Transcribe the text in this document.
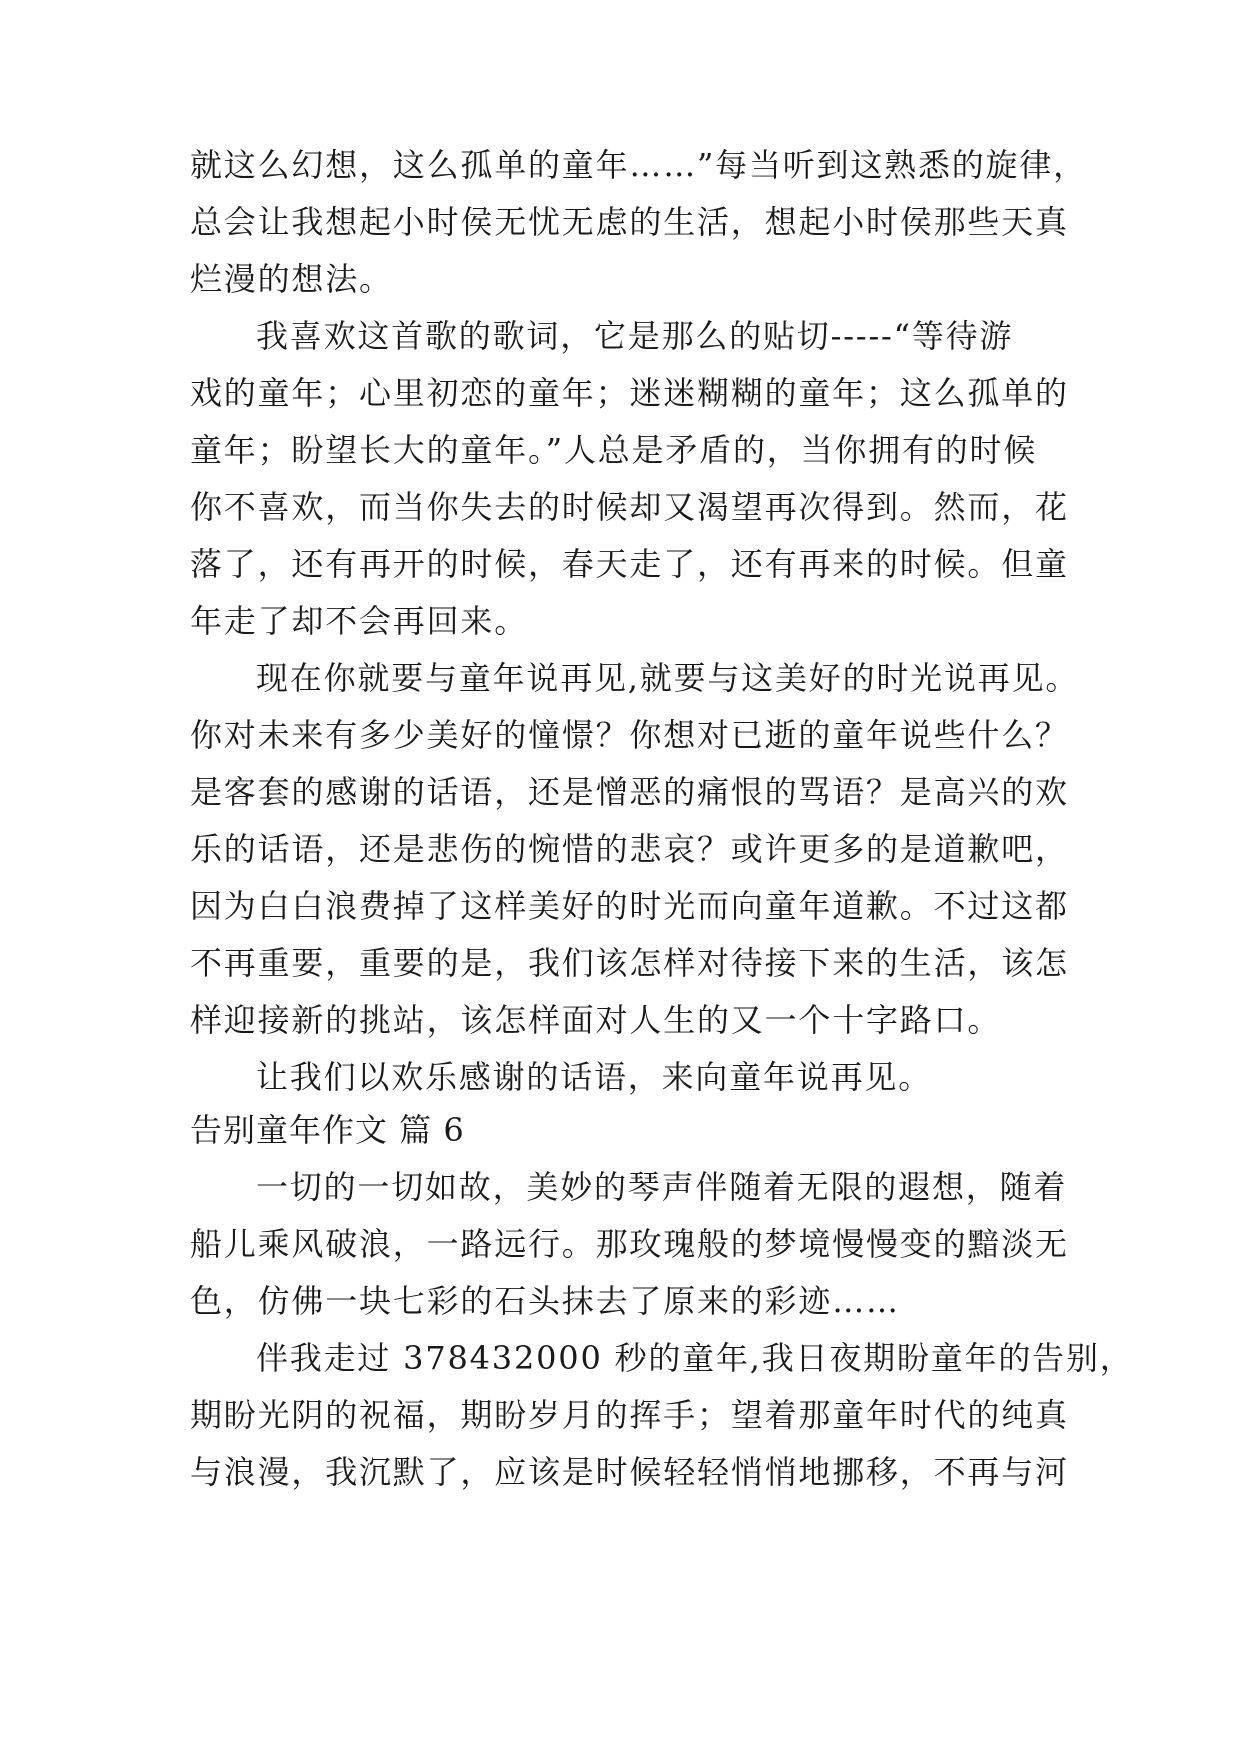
就这么幻想，这么孤单的童年……”每当听到这熟悉的旋律，
总会让我想起小时侯无忧无虑的生活，想起小时侯那些天真
烂漫的想法。
我喜欢这首歌的歌词，它是那么的贴切-----“等待游
戏的童年；心里初恋的童年；迷迷糊糊的童年；这么孤单的
童年；盼望长大的童年。”人总是矛盾的，当你拥有的时候
你不喜欢，而当你失去的时候却又渴望再次得到。然而，花
落了，还有再开的时候，春天走了，还有再来的时候。但童
年走了却不会再回来。
现在你就要与童年说再见,就要与这美好的时光说再见。
你对未来有多少美好的憧憬？你想对已逝的童年说些什么？
是客套的感谢的话语，还是憎恶的痛恨的骂语？是高兴的欢
乐的话语，还是悲伤的惋惜的悲哀？或许更多的是道歉吧，
因为白白浪费掉了这样美好的时光而向童年道歉。不过这都
不再重要，重要的是，我们该怎样对待接下来的生活，该怎
样迎接新的挑站，该怎样面对人生的又一个十字路口。
让我们以欢乐感谢的话语，来向童年说再见。
告别童年作文 篇 6
一切的一切如故，美妙的琴声伴随着无限的遐想，随着
船儿乘风破浪，一路远行。那玫瑰般的梦境慢慢变的黯淡无
色，仿佛一块七彩的石头抹去了原来的彩迹……
伴我走过 378432000 秒的童年,我日夜期盼童年的告别，
期盼光阴的祝福，期盼岁月的挥手；望着那童年时代的纯真
与浪漫，我沉默了，应该是时候轻轻悄悄地挪移，不再与河
